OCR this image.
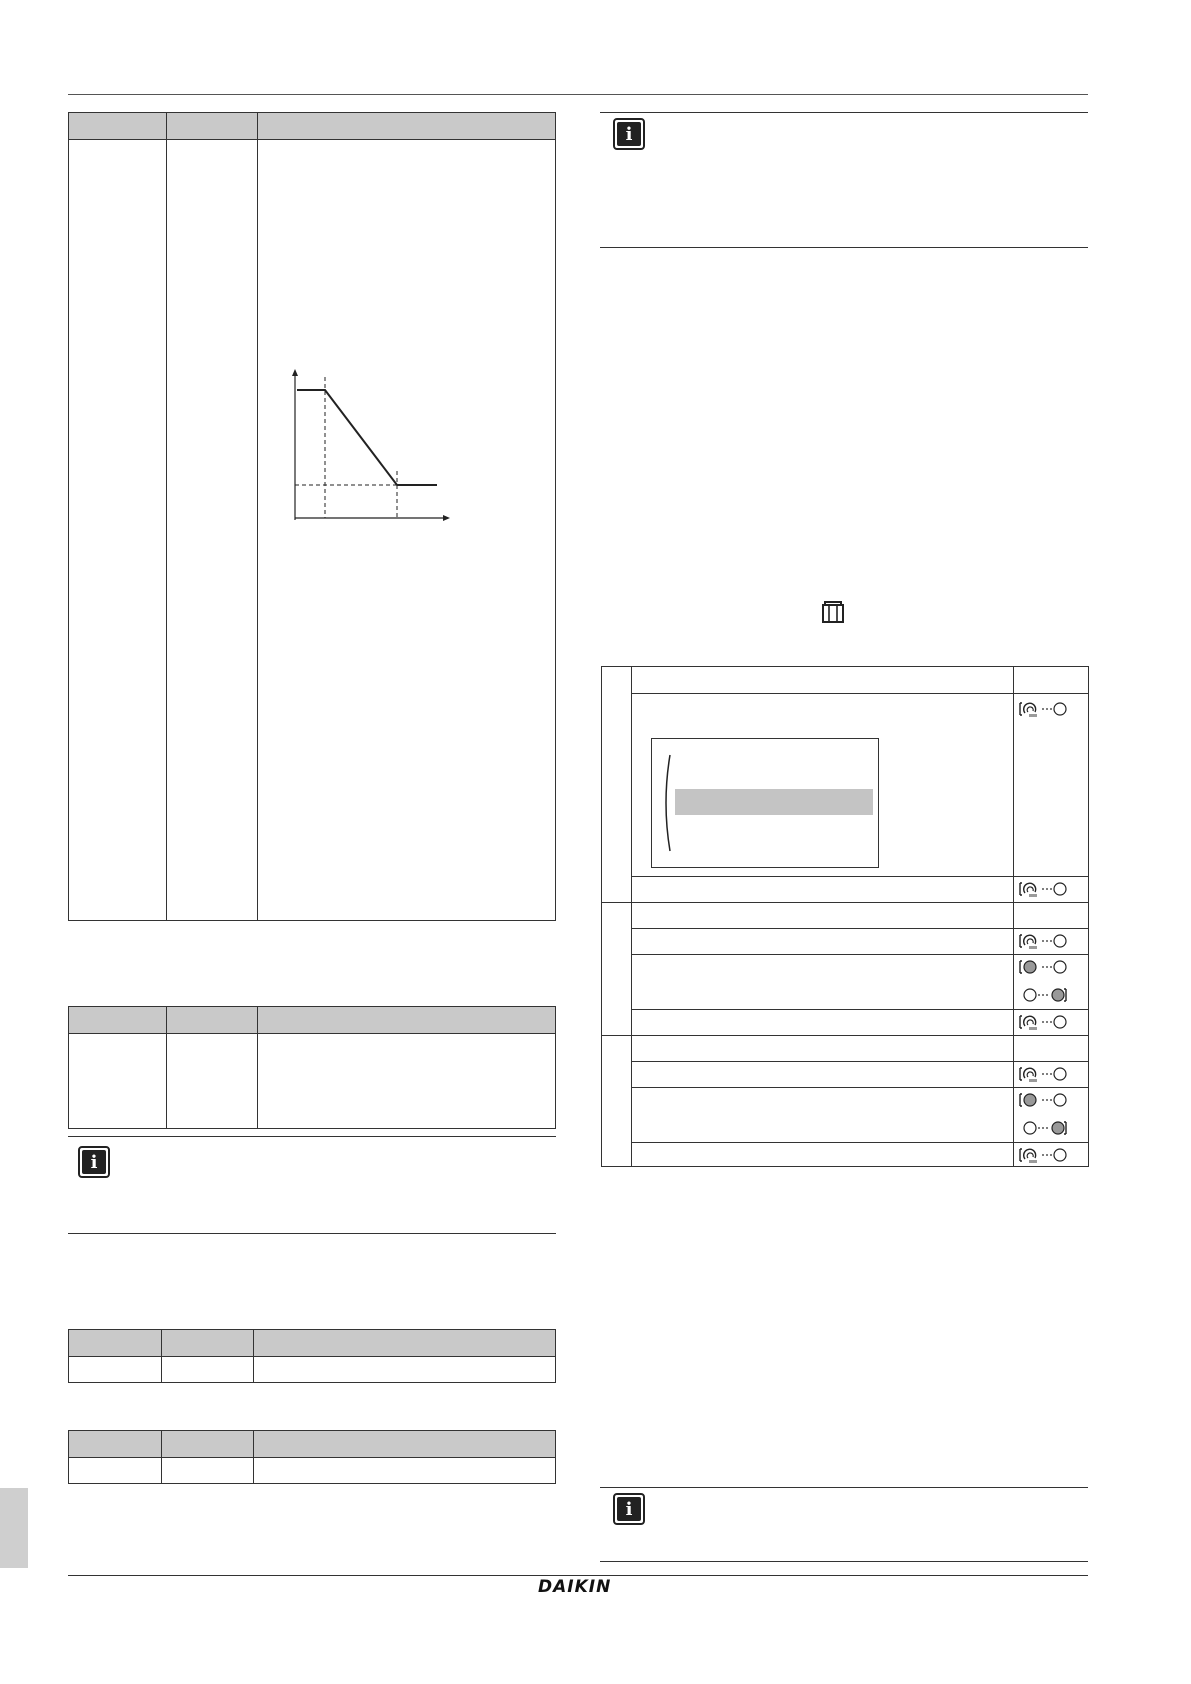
i
i
i
DAIKIN
